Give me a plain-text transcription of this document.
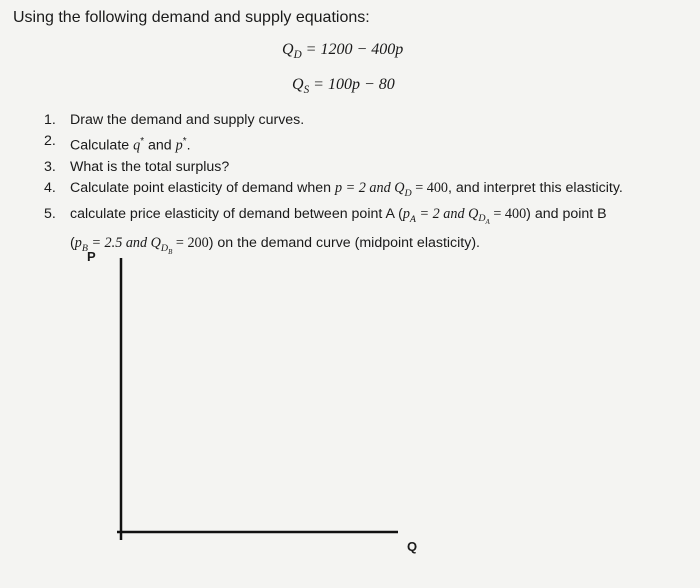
Using the following demand and supply equations:
$Q_D = 1200 - 400p$
$Q_S = 100p - 80$
1. Draw the demand and supply curves.
2. Calculate q* and p*.
3. What is the total surplus?
4. Calculate point elasticity of demand when p = 2 and $Q_D = 400$, and interpret this elasticity.
5. calculate price elasticity of demand between point A ($p_A = 2$ and $Q_{D_A} = 400$) and point B
($p_B = 2.5$ and $Q_{D_B} = 200$) on the demand curve (midpoint elasticity).
P
Q
